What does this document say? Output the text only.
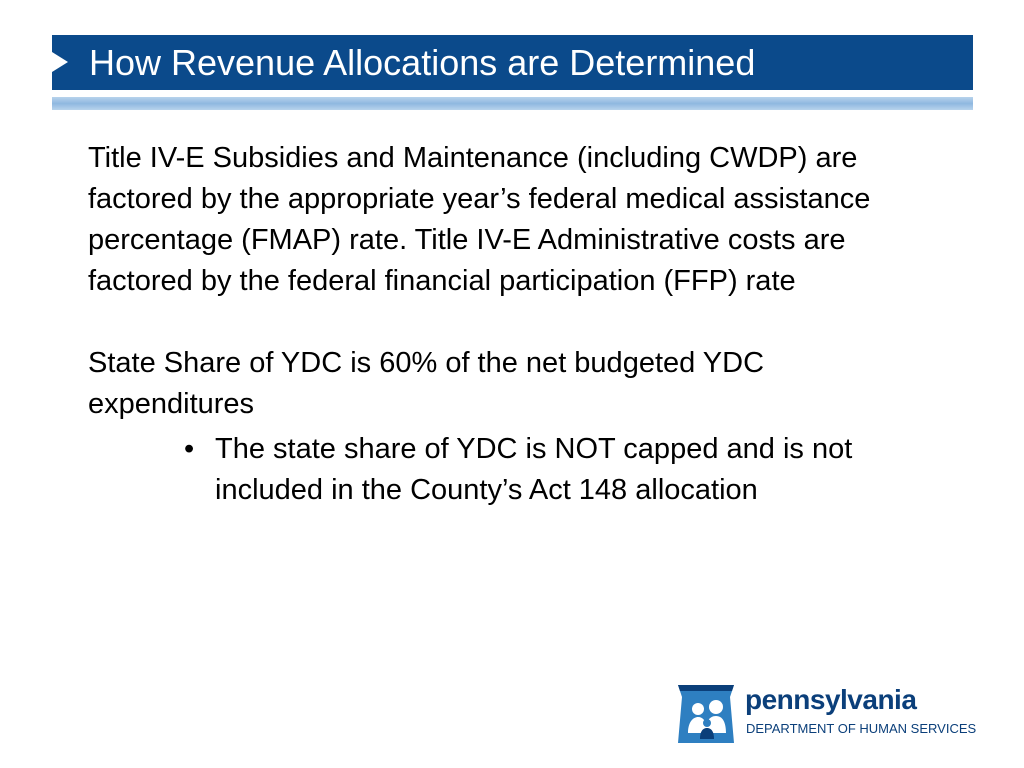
How Revenue Allocations are Determined

Title IV-E Subsidies and Maintenance (including CWDP) are factored by the appropriate year’s federal medical assistance percentage (FMAP) rate. Title IV-E Administrative costs are factored by the federal financial participation (FFP) rate

State Share of YDC is 60% of the net budgeted YDC expenditures

• The state share of YDC is NOT capped and is not included in the County’s Act 148 allocation
pennsylvania
DEPARTMENT OF HUMAN SERVICES
